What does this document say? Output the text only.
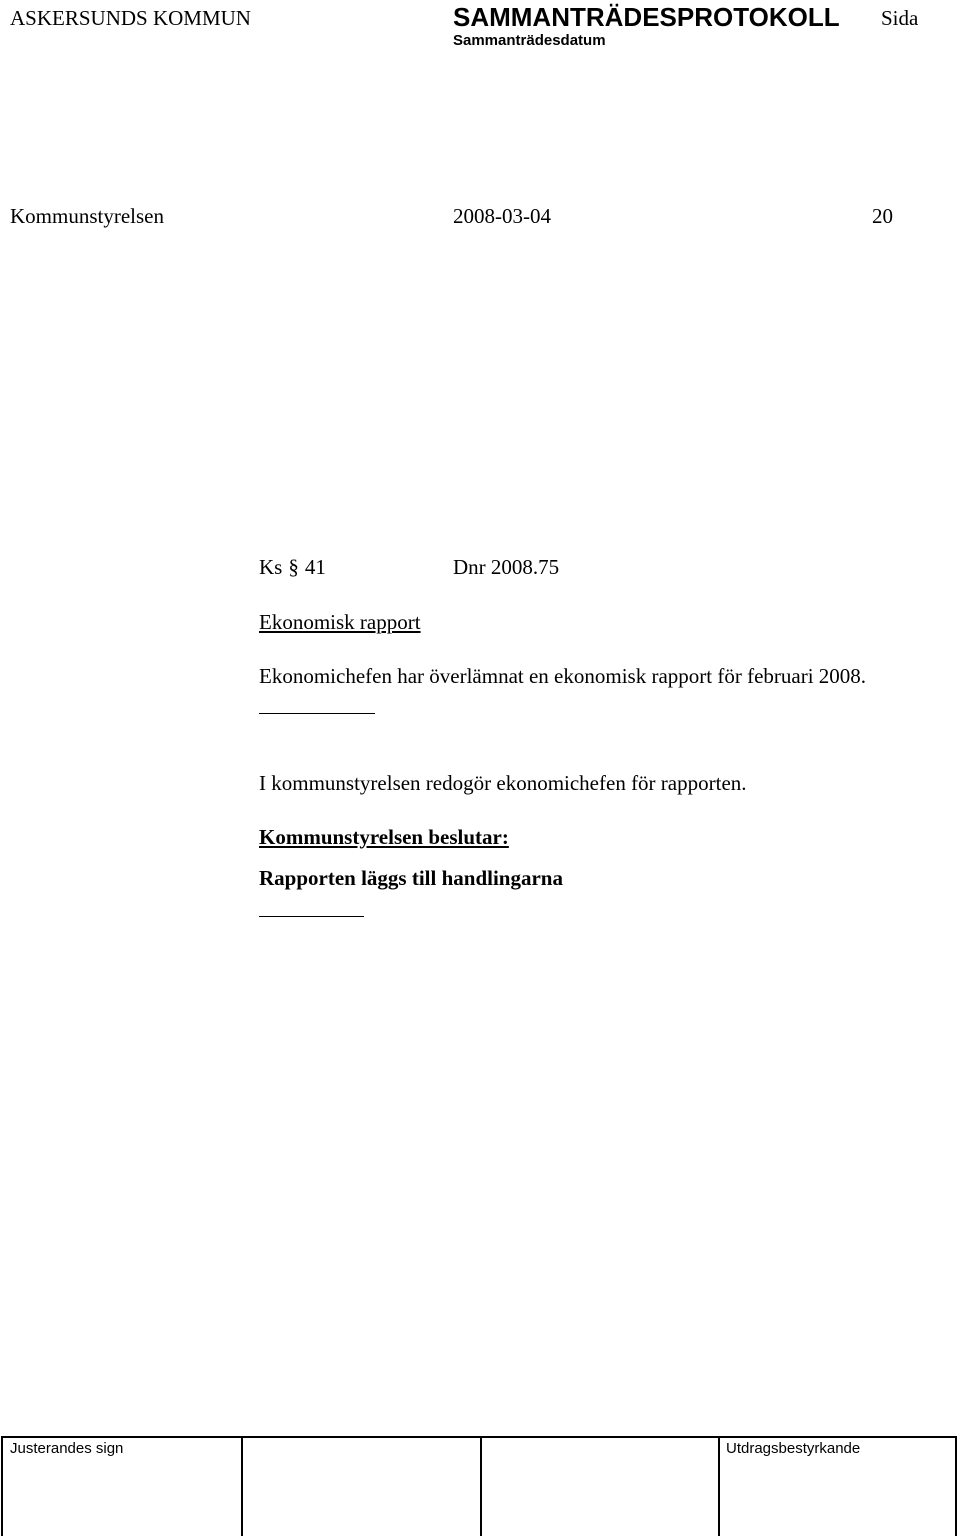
ASKERSUNDS KOMMUN	SAMMANTRÄDESPROTOKOLL Sida
Sammanträdesdatum
Kommunstyrelsen	2008-03-04	20
Ks § 41	Dnr 2008.75
Ekonomisk rapport
Ekonomichefen har överlämnat en ekonomisk rapport för februari 2008.
I kommunstyrelsen redogör ekonomichefen för rapporten.
Kommunstyrelsen beslutar:
Rapporten läggs till handlingarna
Justerandes sign	Utdragsbestyrkande
